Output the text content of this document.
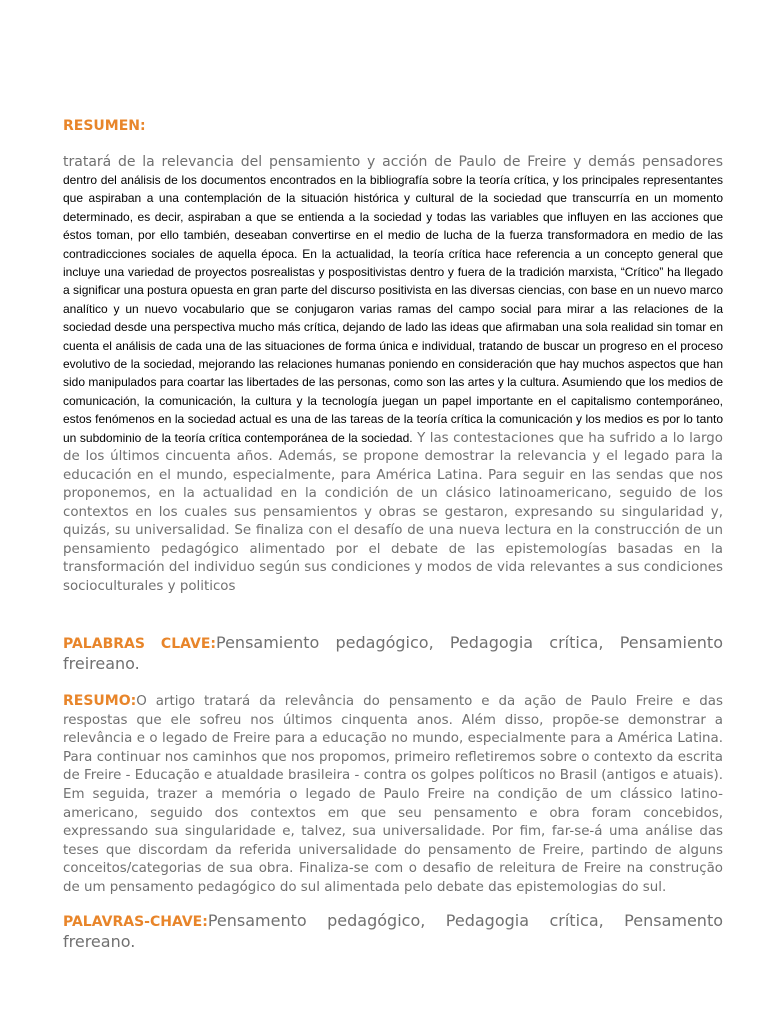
RESUMEN:

tratará de la relevancia del pensamiento y acción de Paulo de Freire y demás pensadores dentro del análisis de los documentos encontrados en la bibliografía sobre la teoría crítica, y los principales representantes que aspiraban a una contemplación de la situación histórica y cultural de la sociedad que transcurría en un momento determinado, es decir, aspiraban a que se entienda a la sociedad y todas las variables que influyen en las acciones que éstos toman, por ello también, deseaban convertirse en el medio de lucha de la fuerza transformadora en medio de las contradicciones sociales de aquella época. En la actualidad, la teoría crítica hace referencia a un concepto general que incluye una variedad de proyectos posrealistas y pospositivistas dentro y fuera de la tradición marxista, “Crítico” ha llegado a significar una postura opuesta en gran parte del discurso positivista en las diversas ciencias, con base en un nuevo marco analítico y un nuevo vocabulario que se conjugaron varias ramas del campo social para mirar a las relaciones de la sociedad desde una perspectiva mucho más crítica, dejando de lado las ideas que afirmaban una sola realidad sin tomar en cuenta el análisis de cada una de las situaciones de forma única e individual, tratando de buscar un progreso en el proceso evolutivo de la sociedad, mejorando las relaciones humanas poniendo en consideración que hay muchos aspectos que han sido manipulados para coartar las libertades de las personas, como son las artes y la cultura. Asumiendo que los medios de comunicación, la comunicación, la cultura y la tecnología juegan un papel importante en el capitalismo contemporáneo, estos fenómenos en la sociedad actual es una de las tareas de la teoría crítica la comunicación y los medios es por lo tanto un subdominio de la teoría crítica contemporánea de la sociedad. Y las contestaciones que ha sufrido a lo largo de los últimos cincuenta años. Además, se propone demostrar la relevancia y el legado para la educación en el mundo, especialmente, para América Latina. Para seguir en las sendas que nos proponemos, en la actualidad en la condición de un clásico latinoamericano, seguido de los contextos en los cuales sus pensamientos y obras se gestaron, expresando su singularidad y, quizás, su universalidad. Se finaliza con el desafío de una nueva lectura en la construcción de un pensamiento pedagógico alimentado por el debate de las epistemologías basadas en la transformación del individuo según sus condiciones y modos de vida relevantes a sus condiciones socioculturales y politicos

PALABRAS CLAVE:Pensamiento pedagógico, Pedagogia crítica, Pensamiento freireano.

RESUMO:O artigo tratará da relevância do pensamento e da ação de Paulo Freire e das respostas que ele sofreu nos últimos cinquenta anos. Além disso, propõe-se demonstrar a relevância e o legado de Freire para a educação no mundo, especialmente para a América Latina. Para continuar nos caminhos que nos propomos, primeiro refletiremos sobre o contexto da escrita de Freire - Educação e atualdade brasileira - contra os golpes políticos no Brasil (antigos e atuais). Em seguida, trazer a memória o legado de Paulo Freire na condição de um clássico latino-americano, seguido dos contextos em que seu pensamento e obra foram concebidos, expressando sua singularidade e, talvez, sua universalidade. Por fim, far-se-á uma análise das teses que discordam da referida universalidade do pensamento de Freire, partindo de alguns conceitos/categorias de sua obra. Finaliza-se com o desafio de releitura de Freire na construção de um pensamento pedagógico do sul alimentada pelo debate das epistemologias do sul.

PALAVRAS-CHAVE:Pensamento pedagógico, Pedagogia crítica, Pensamento frereano.
